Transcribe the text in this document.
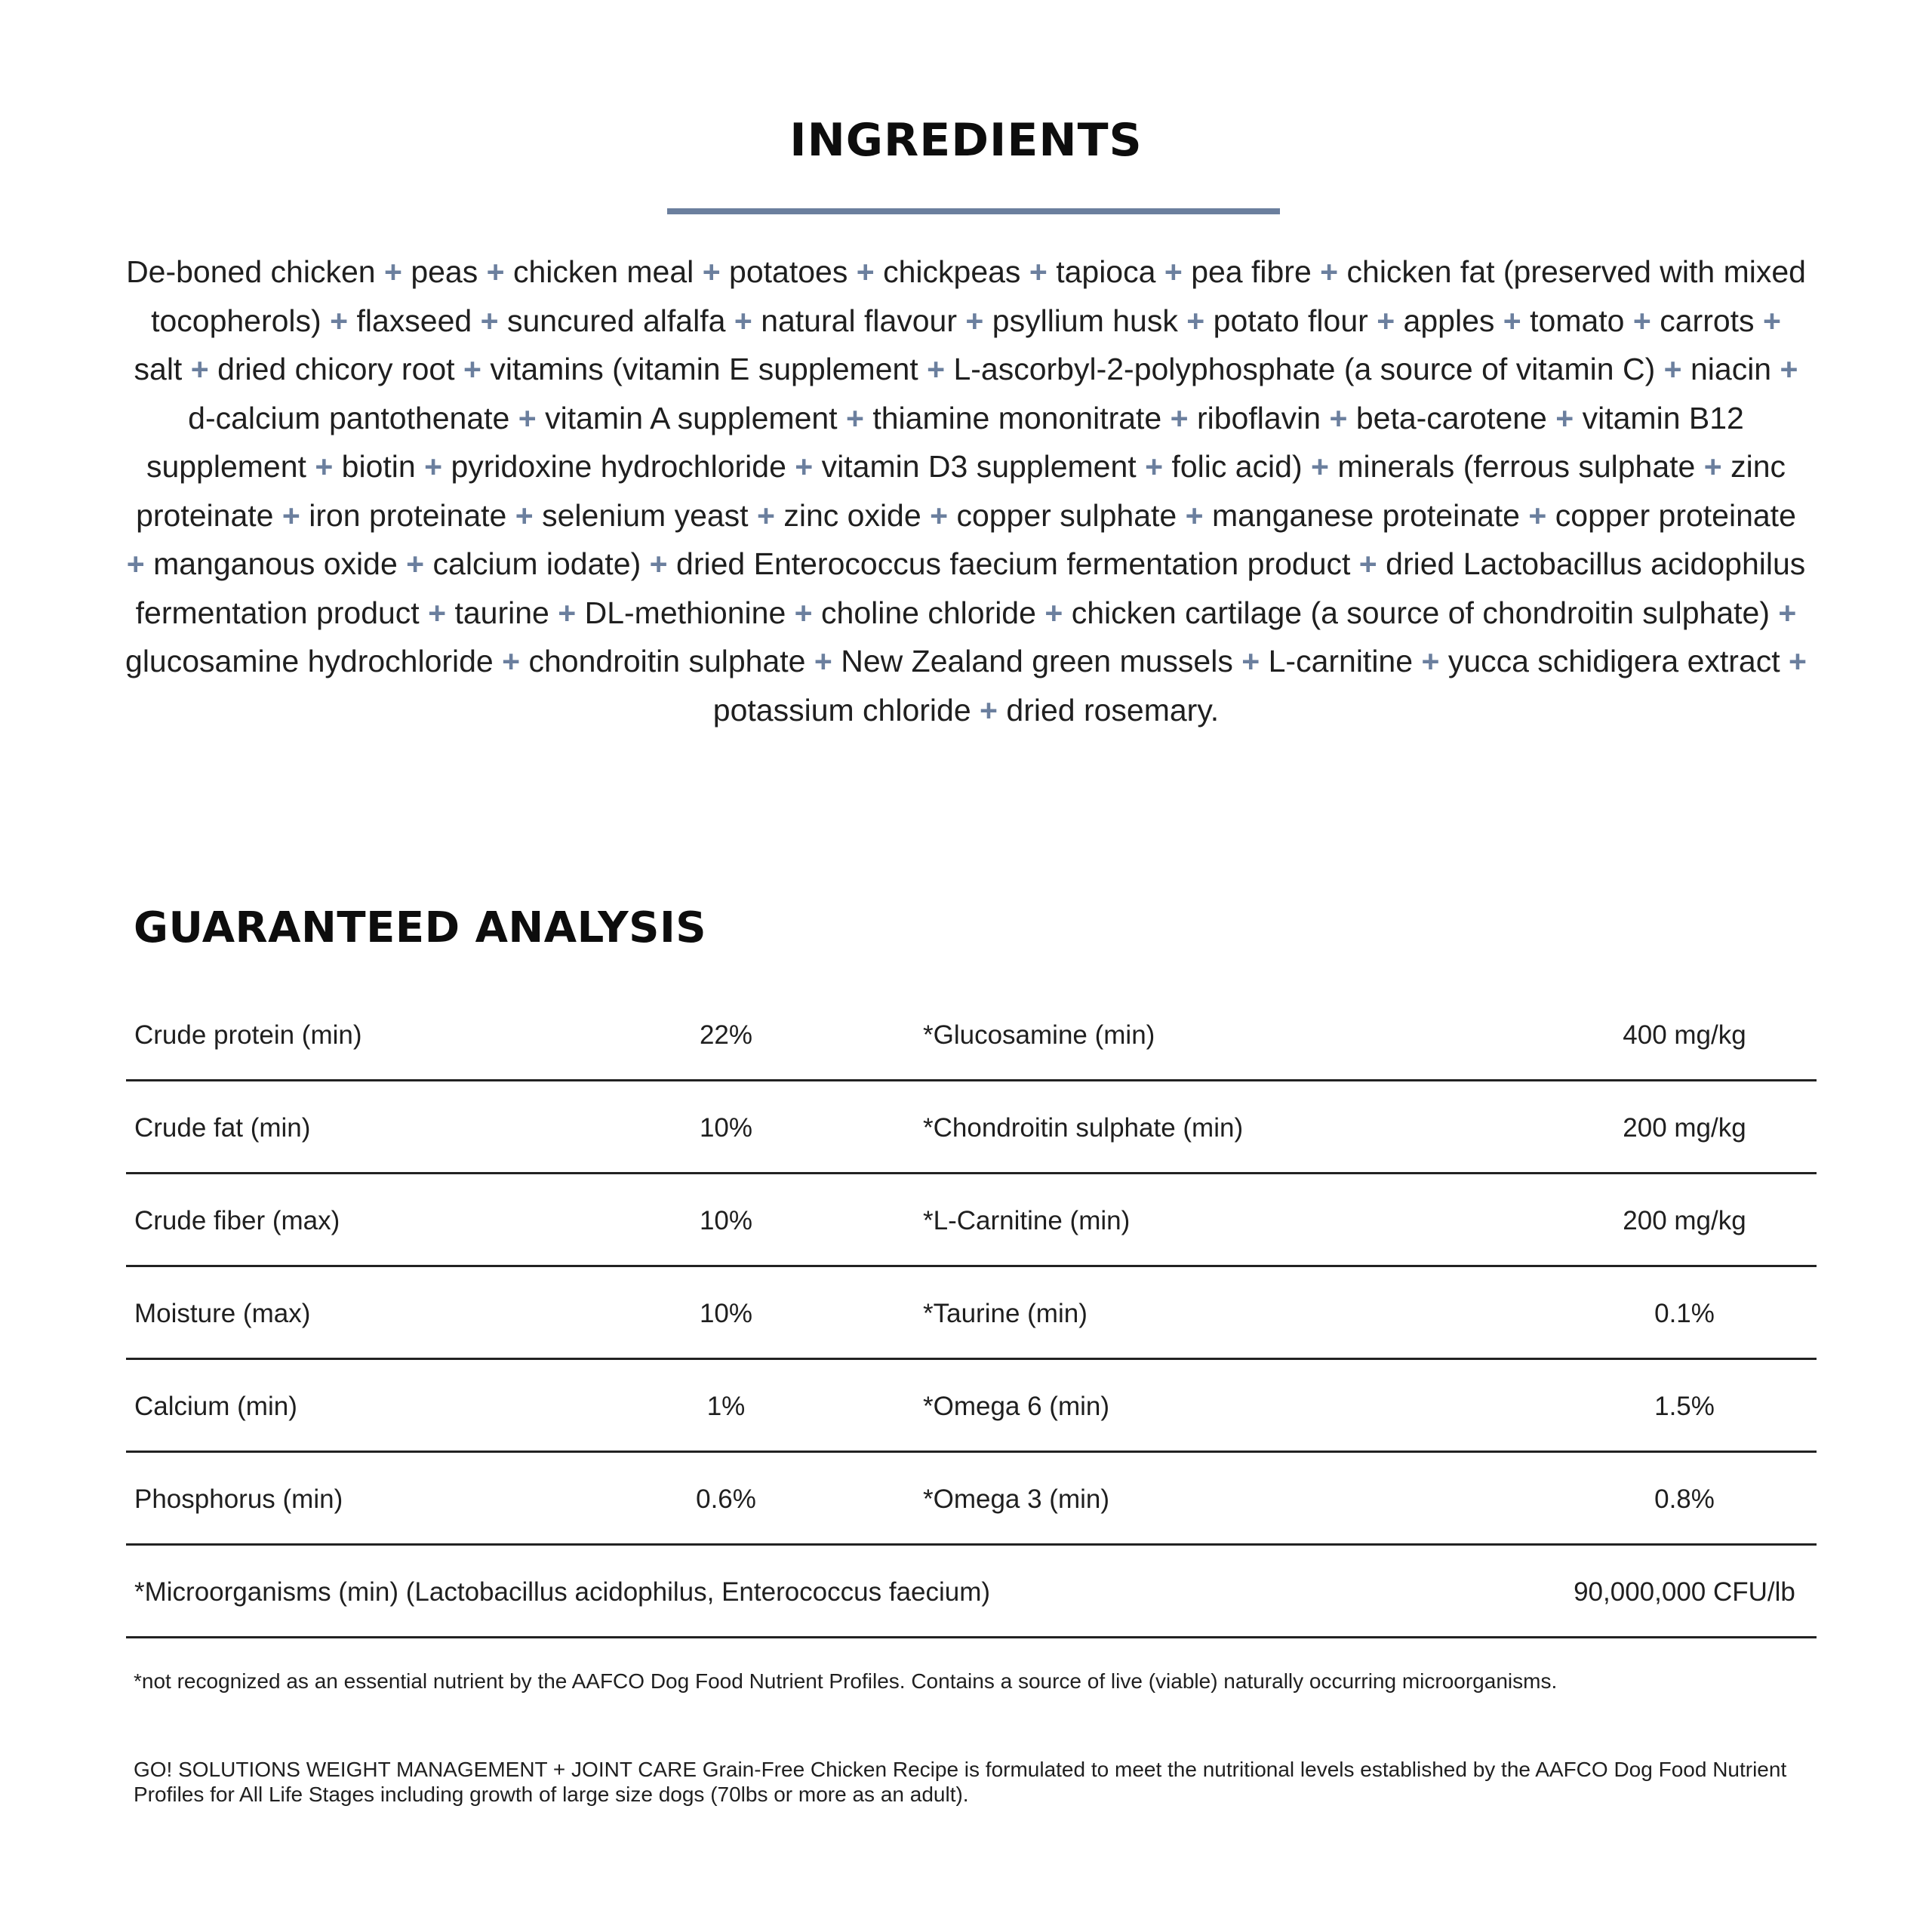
INGREDIENTS

De-boned chicken + peas + chicken meal + potatoes + chickpeas + tapioca + pea fibre + chicken fat (preserved with mixed tocopherols) + flaxseed + suncured alfalfa + natural flavour + psyllium husk + potato flour + apples + tomato + carrots + salt + dried chicory root + vitamins (vitamin E supplement + L-ascorbyl-2-polyphosphate (a source of vitamin C) + niacin + d-calcium pantothenate + vitamin A supplement + thiamine mononitrate + riboflavin + beta-carotene + vitamin B12 supplement + biotin + pyridoxine hydrochloride + vitamin D3 supplement + folic acid) + minerals (ferrous sulphate + zinc proteinate + iron proteinate + selenium yeast + zinc oxide + copper sulphate + manganese proteinate + copper proteinate + manganous oxide + calcium iodate) + dried Enterococcus faecium fermentation product + dried Lactobacillus acidophilus fermentation product + taurine + DL-methionine + choline chloride + chicken cartilage (a source of chondroitin sulphate) + glucosamine hydrochloride + chondroitin sulphate + New Zealand green mussels + L-carnitine + yucca schidigera extract + potassium chloride + dried rosemary.

GUARANTEED ANALYSIS
Crude protein (min)	22%	*Glucosamine (min)	400 mg/kg
Crude fat (min)	10%	*Chondroitin sulphate (min)	200 mg/kg
Crude fiber (max)	10%	*L-Carnitine (min)	200 mg/kg
Moisture (max)	10%	*Taurine (min)	0.1%
Calcium (min)	1%	*Omega 6 (min)	1.5%
Phosphorus (min)	0.6%	*Omega 3 (min)	0.8%
*Microorganisms (min) (Lactobacillus acidophilus, Enterococcus faecium)	90,000,000 CFU/lb

*not recognized as an essential nutrient by the AAFCO Dog Food Nutrient Profiles. Contains a source of live (viable) naturally occurring microorganisms.

GO! SOLUTIONS WEIGHT MANAGEMENT + JOINT CARE Grain-Free Chicken Recipe is formulated to meet the nutritional levels established by the AAFCO Dog Food Nutrient Profiles for All Life Stages including growth of large size dogs (70lbs or more as an adult).
